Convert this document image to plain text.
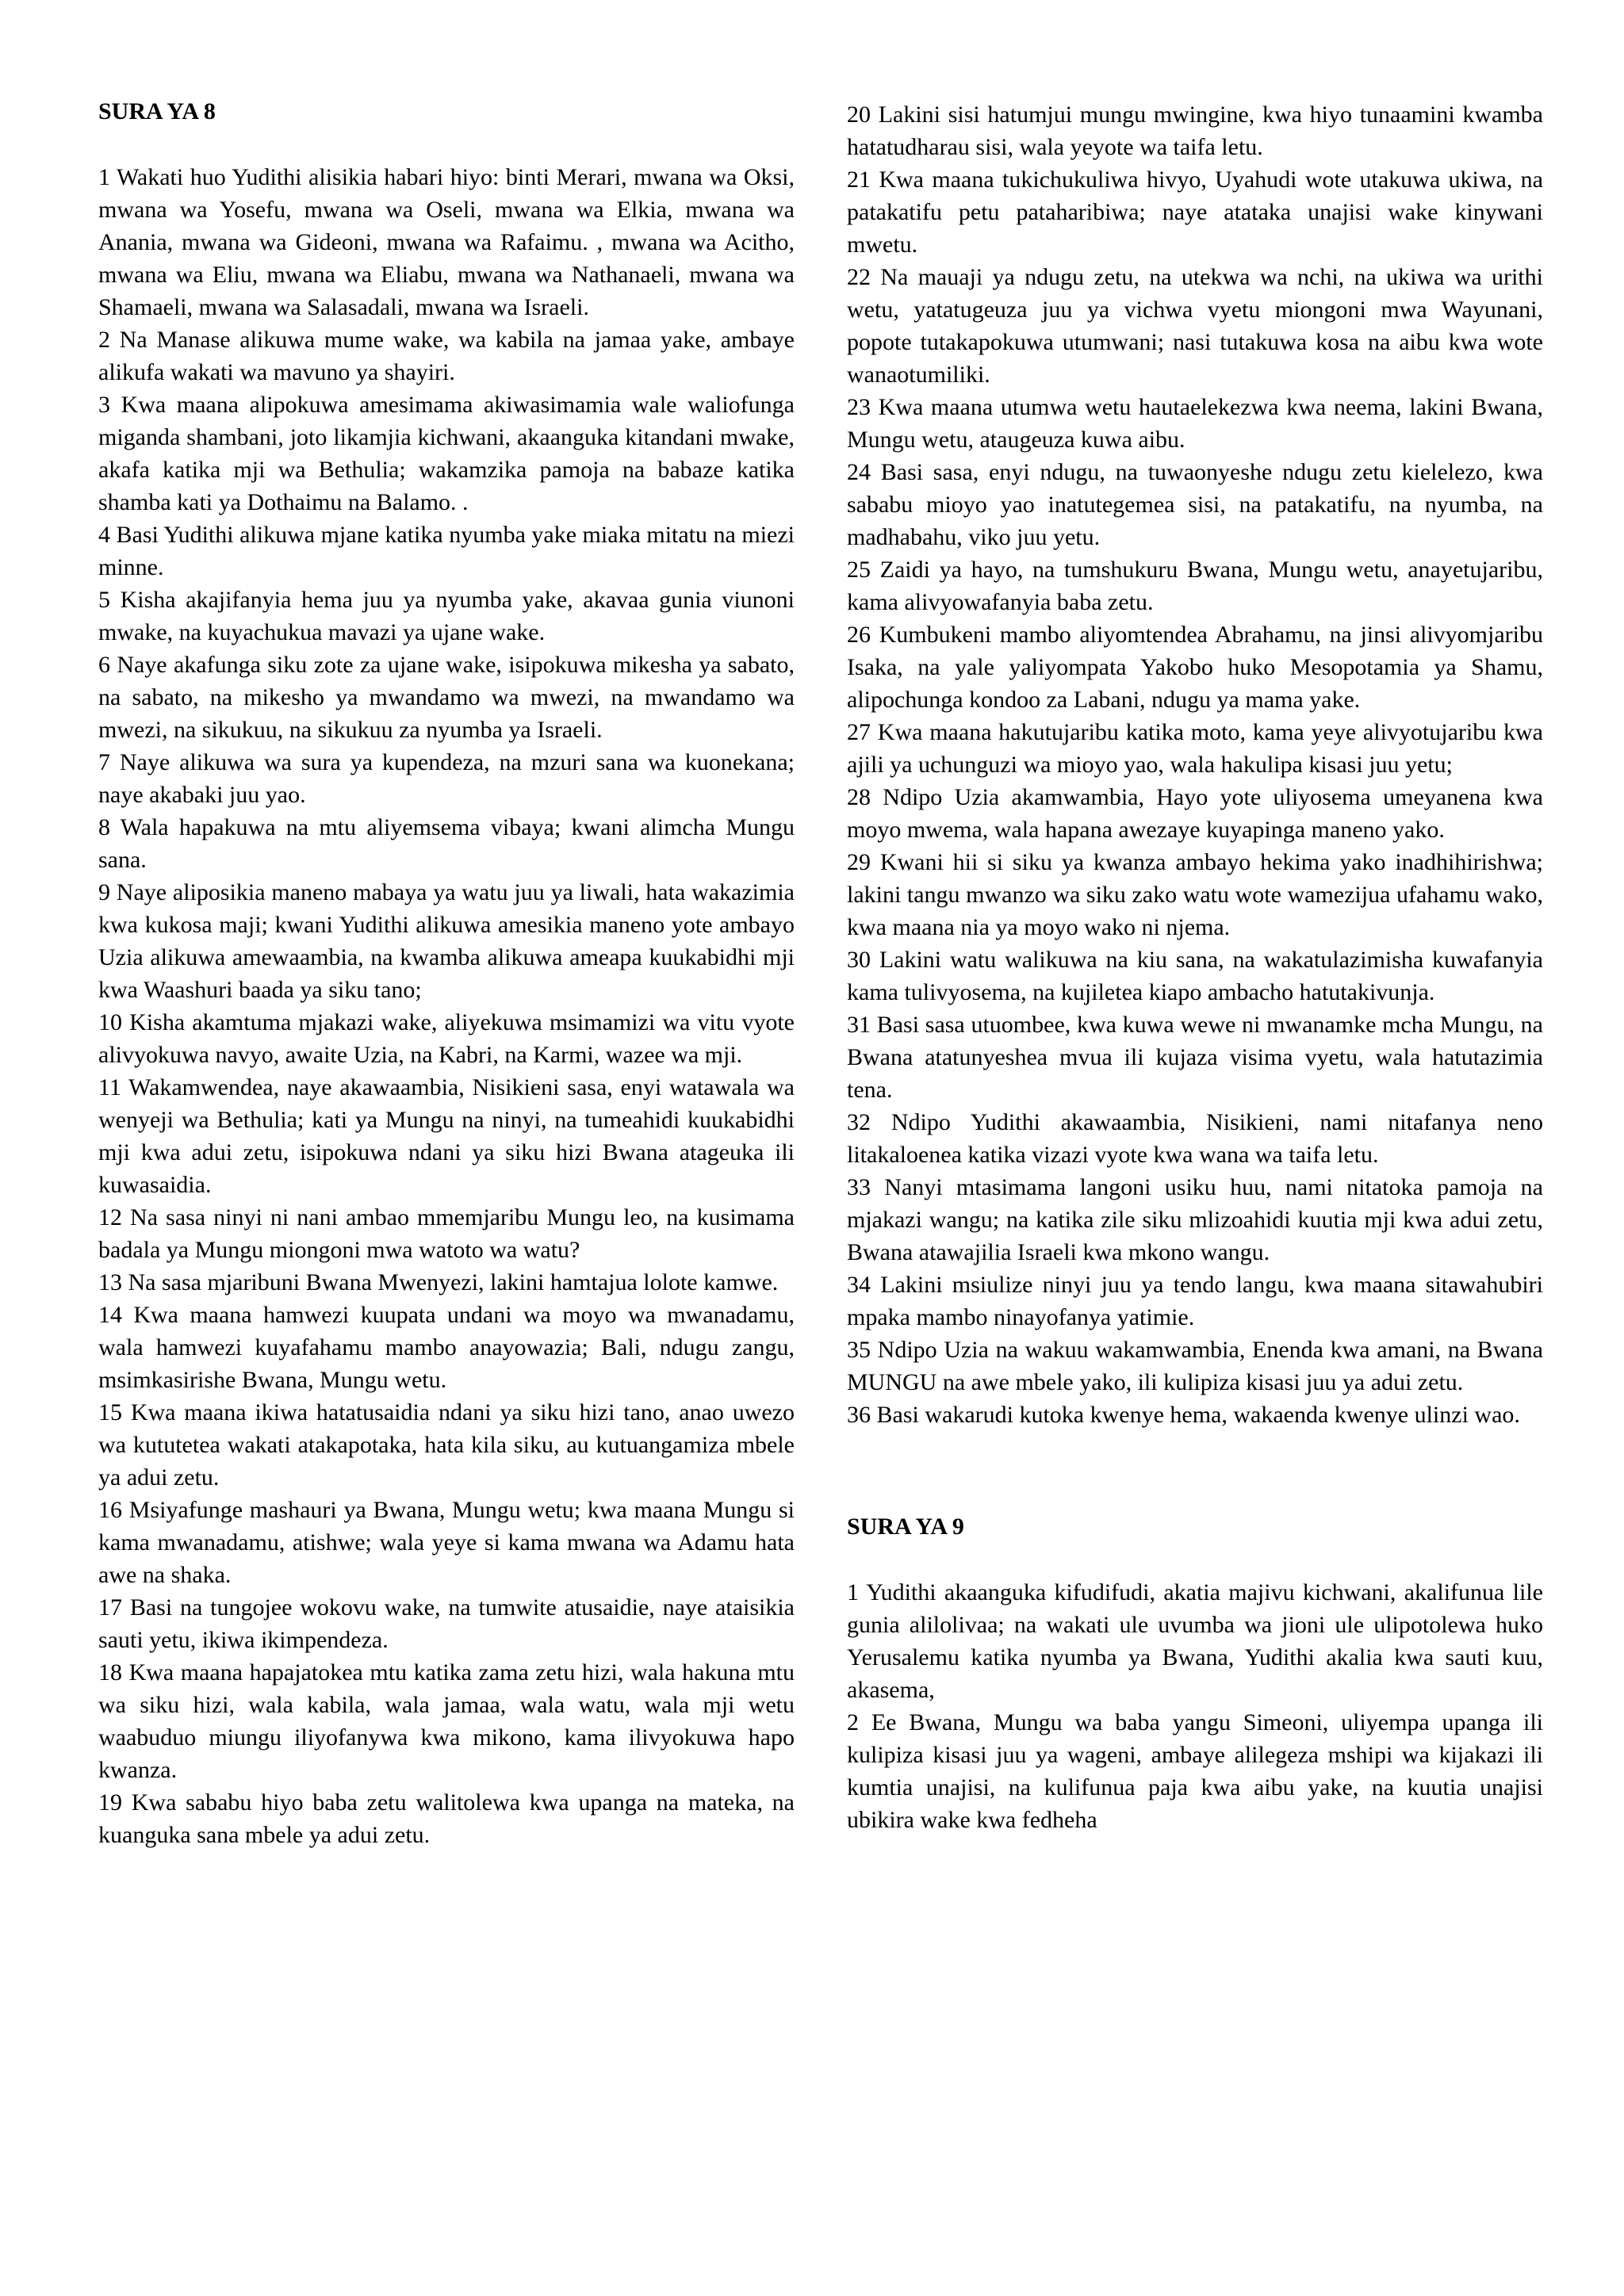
SURA YA 8

1 Wakati huo Yudithi alisikia habari hiyo: binti Merari, mwana wa Oksi, mwana wa Yosefu, mwana wa Oseli, mwana wa Elkia, mwana wa Anania, mwana wa Gideoni, mwana wa Rafaimu. , mwana wa Acitho, mwana wa Eliu, mwana wa Eliabu, mwana wa Nathanaeli, mwana wa Shamaeli, mwana wa Salasadali, mwana wa Israeli.

2 Na Manase alikuwa mume wake, wa kabila na jamaa yake, ambaye alikufa wakati wa mavuno ya shayiri.

3 Kwa maana alipokuwa amesimama akiwasimamia wale waliofunga miganda shambani, joto likamjia kichwani, akaanguka kitandani mwake, akafa katika mji wa Bethulia; wakamzika pamoja na babaze katika shamba kati ya Dothaimu na Balamo. .

4 Basi Yudithi alikuwa mjane katika nyumba yake miaka mitatu na miezi minne.

5 Kisha akajifanyia hema juu ya nyumba yake, akavaa gunia viunoni mwake, na kuyachukua mavazi ya ujane wake.

6 Naye akafunga siku zote za ujane wake, isipokuwa mikesha ya sabato, na sabato, na mikesho ya mwandamo wa mwezi, na mwandamo wa mwezi, na sikukuu, na sikukuu za nyumba ya Israeli.

7 Naye alikuwa wa sura ya kupendeza, na mzuri sana wa kuonekana; naye akabaki juu yao.

8 Wala hapakuwa na mtu aliyemsema vibaya; kwani alimcha Mungu sana.

9 Naye aliposikia maneno mabaya ya watu juu ya liwali, hata wakazimia kwa kukosa maji; kwani Yudithi alikuwa amesikia maneno yote ambayo Uzia alikuwa amewaambia, na kwamba alikuwa ameapa kuukabidhi mji kwa Waashuri baada ya siku tano;

10 Kisha akamtuma mjakazi wake, aliyekuwa msimamizi wa vitu vyote alivyokuwa navyo, awaite Uzia, na Kabri, na Karmi, wazee wa mji.

11 Wakamwendea, naye akawaambia, Nisikieni sasa, enyi watawala wa wenyeji wa Bethulia; kati ya Mungu na ninyi, na tumeahidi kuukabidhi mji kwa adui zetu, isipokuwa ndani ya siku hizi Bwana atageuka ili kuwasaidia.

12 Na sasa ninyi ni nani ambao mmemjaribu Mungu leo, na kusimama badala ya Mungu miongoni mwa watoto wa watu?

13 Na sasa mjaribuni Bwana Mwenyezi, lakini hamtajua lolote kamwe.

14 Kwa maana hamwezi kuupata undani wa moyo wa mwanadamu, wala hamwezi kuyafahamu mambo anayowazia; Bali, ndugu zangu, msimkasirishe Bwana, Mungu wetu.

15 Kwa maana ikiwa hatatusaidia ndani ya siku hizi tano, anao uwezo wa kututetea wakati atakapotaka, hata kila siku, au kutuangamiza mbele ya adui zetu.

16 Msiyafunge mashauri ya Bwana, Mungu wetu; kwa maana Mungu si kama mwanadamu, atishwe; wala yeye si kama mwana wa Adamu hata awe na shaka.

17 Basi na tungojee wokovu wake, na tumwite atusaidie, naye ataisikia sauti yetu, ikiwa ikimpendeza.

18 Kwa maana hapajatokea mtu katika zama zetu hizi, wala hakuna mtu wa siku hizi, wala kabila, wala jamaa, wala watu, wala mji wetu waabuduo miungu iliyofanywa kwa mikono, kama ilivyokuwa hapo kwanza.

19 Kwa sababu hiyo baba zetu walitolewa kwa upanga na mateka, na kuanguka sana mbele ya adui zetu.

20 Lakini sisi hatumjui mungu mwingine, kwa hiyo tunaamini kwamba hatatudharau sisi, wala yeyote wa taifa letu.

21 Kwa maana tukichukuliwa hivyo, Uyahudi wote utakuwa ukiwa, na patakatifu petu pataharibiwa; naye atataka unajisi wake kinywani mwetu.

22 Na mauaji ya ndugu zetu, na utekwa wa nchi, na ukiwa wa urithi wetu, yatatugeuza juu ya vichwa vyetu miongoni mwa Wayunani, popote tutakapokuwa utumwani; nasi tutakuwa kosa na aibu kwa wote wanaotumiliki.

23 Kwa maana utumwa wetu hautaelekezwa kwa neema, lakini Bwana, Mungu wetu, ataugeuza kuwa aibu.

24 Basi sasa, enyi ndugu, na tuwaonyeshe ndugu zetu kielelezo, kwa sababu mioyo yao inatutegemea sisi, na patakatifu, na nyumba, na madhabahu, viko juu yetu.

25 Zaidi ya hayo, na tumshukuru Bwana, Mungu wetu, anayetujaribu, kama alivyowafanyia baba zetu.

26 Kumbukeni mambo aliyomtendea Abrahamu, na jinsi alivyomjaribu Isaka, na yale yaliyompata Yakobo huko Mesopotamia ya Shamu, alipochunga kondoo za Labani, ndugu ya mama yake.

27 Kwa maana hakutujaribu katika moto, kama yeye alivyotujaribu kwa ajili ya uchunguzi wa mioyo yao, wala hakulipa kisasi juu yetu;

28 Ndipo Uzia akamwambia, Hayo yote uliyosema umeyanena kwa moyo mwema, wala hapana awezaye kuyapinga maneno yako.

29 Kwani hii si siku ya kwanza ambayo hekima yako inadhihirishwa; lakini tangu mwanzo wa siku zako watu wote wamezijua ufahamu wako, kwa maana nia ya moyo wako ni njema.

30 Lakini watu walikuwa na kiu sana, na wakatulazimisha kuwafanyia kama tulivyosema, na kujiletea kiapo ambacho hatutakivunja.

31 Basi sasa utuombee, kwa kuwa wewe ni mwanamke mcha Mungu, na Bwana atatunyeshea mvua ili kujaza visima vyetu, wala hatutazimia tena.

32 Ndipo Yudithi akawaambia, Nisikieni, nami nitafanya neno litakaloenea katika vizazi vyote kwa wana wa taifa letu.

33 Nanyi mtasimama langoni usiku huu, nami nitatoka pamoja na mjakazi wangu; na katika zile siku mlizoahidi kuutia mji kwa adui zetu, Bwana atawajilia Israeli kwa mkono wangu.

34 Lakini msiulize ninyi juu ya tendo langu, kwa maana sitawahubiri mpaka mambo ninayofanya yatimie.

35 Ndipo Uzia na wakuu wakamwambia, Enenda kwa amani, na Bwana MUNGU na awe mbele yako, ili kulipiza kisasi juu ya adui zetu.

36 Basi wakarudi kutoka kwenye hema, wakaenda kwenye ulinzi wao.

SURA YA 9

1 Yudithi akaanguka kifudifudi, akatia majivu kichwani, akalifunua lile gunia alilolivaa; na wakati ule uvumba wa jioni ule ulipotolewa huko Yerusalemu katika nyumba ya Bwana, Yudithi akalia kwa sauti kuu, akasema,

2 Ee Bwana, Mungu wa baba yangu Simeoni, uliyempa upanga ili kulipiza kisasi juu ya wageni, ambaye alilegeza mshipi wa kijakazi ili kumtia unajisi, na kulifunua paja kwa aibu yake, na kuutia unajisi ubikira wake kwa fedheha
